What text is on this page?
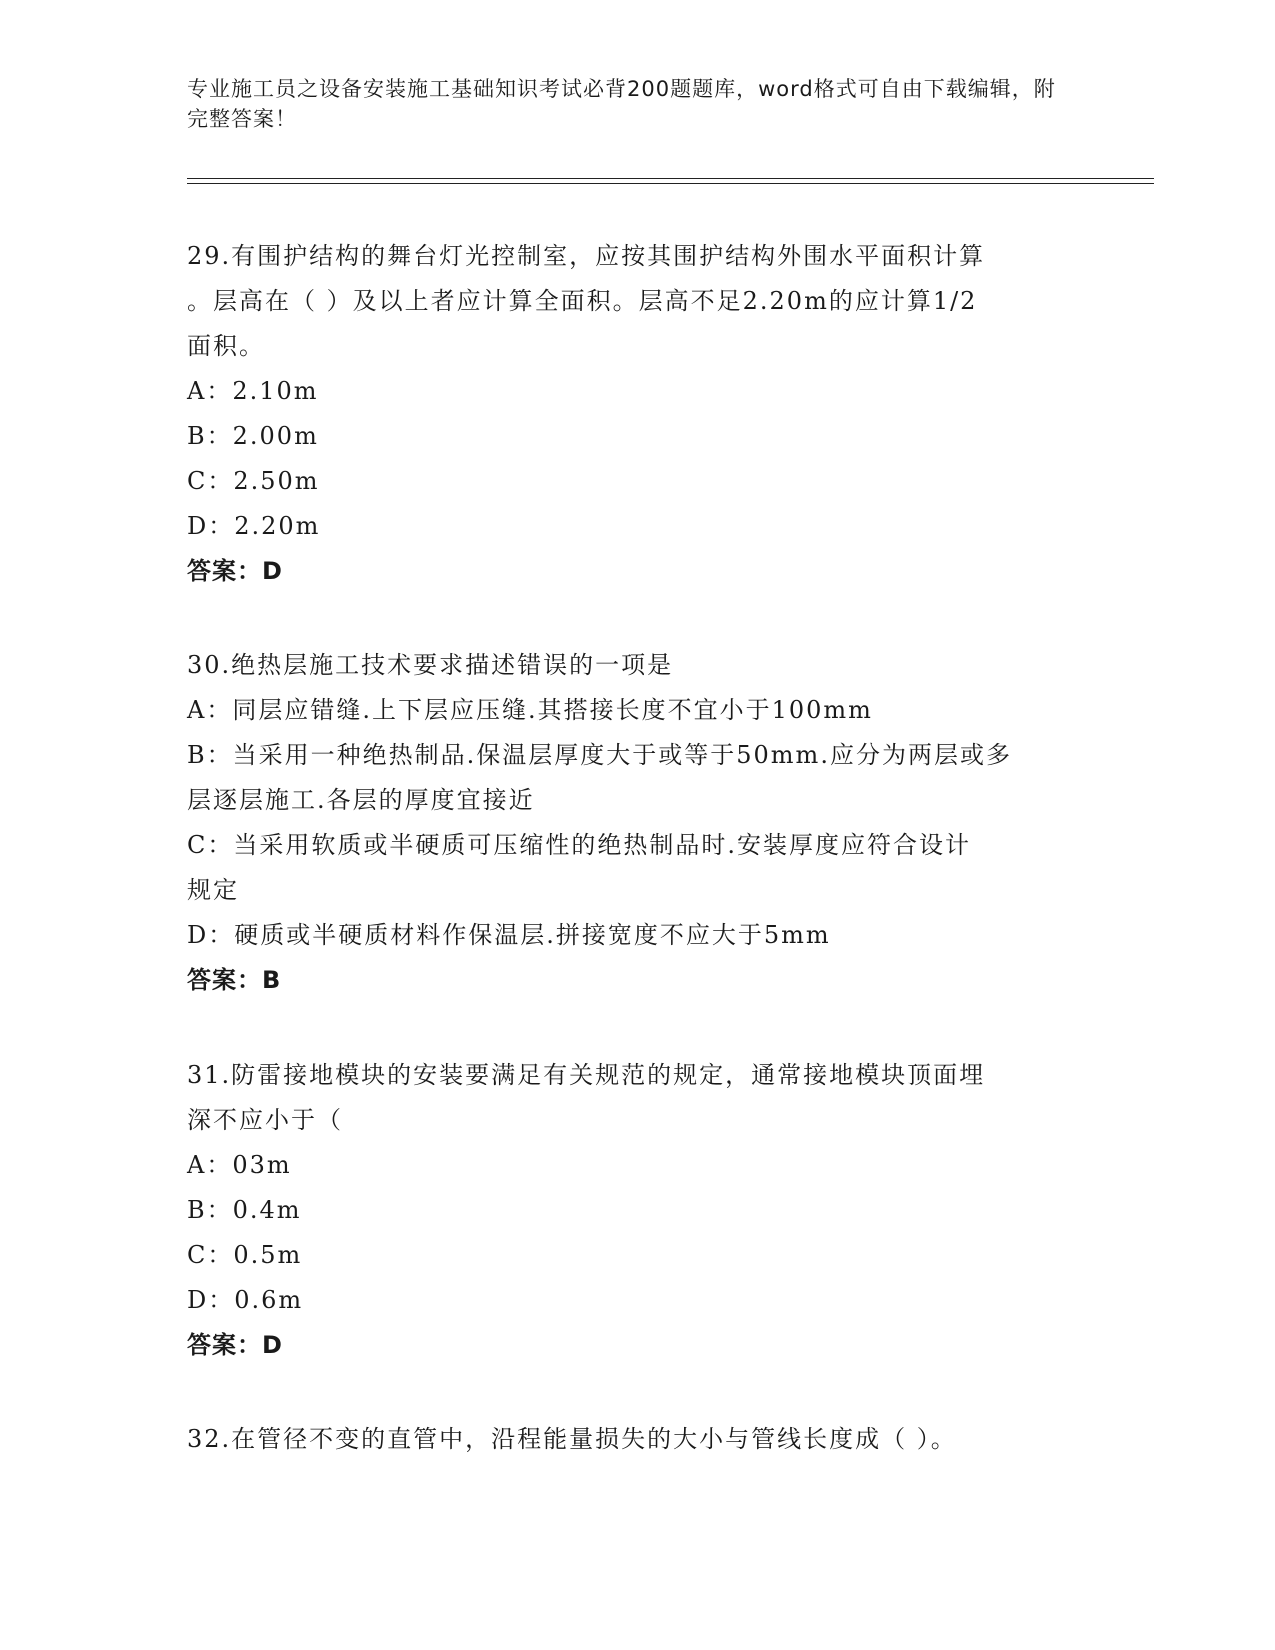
专业施工员之设备安装施工基础知识考试必背200题题库，word格式可自由下载编辑，附完整答案！
29.有围护结构的舞台灯光控制室，应按其围护结构外围水平面积计算
。层高在（ ）及以上者应计算全面积。层高不足2.20m的应计算1/2
面积。
A：2.10m
B：2.00m
C：2.50m
D：2.20m
答案：D
30.绝热层施工技术要求描述错误的一项是
A：同层应错缝.上下层应压缝.其搭接长度不宜小于100mm
B：当采用一种绝热制品.保温层厚度大于或等于50mm.应分为两层或多
层逐层施工.各层的厚度宜接近
C：当采用软质或半硬质可压缩性的绝热制品时.安装厚度应符合设计
规定
D：硬质或半硬质材料作保温层.拼接宽度不应大于5mm
答案：B
31.防雷接地模块的安装要满足有关规范的规定，通常接地模块顶面埋
深不应小于（
A：03m
B：0.4m
C：0.5m
D：0.6m
答案：D
32.在管径不变的直管中，沿程能量损失的大小与管线长度成（ ）。
